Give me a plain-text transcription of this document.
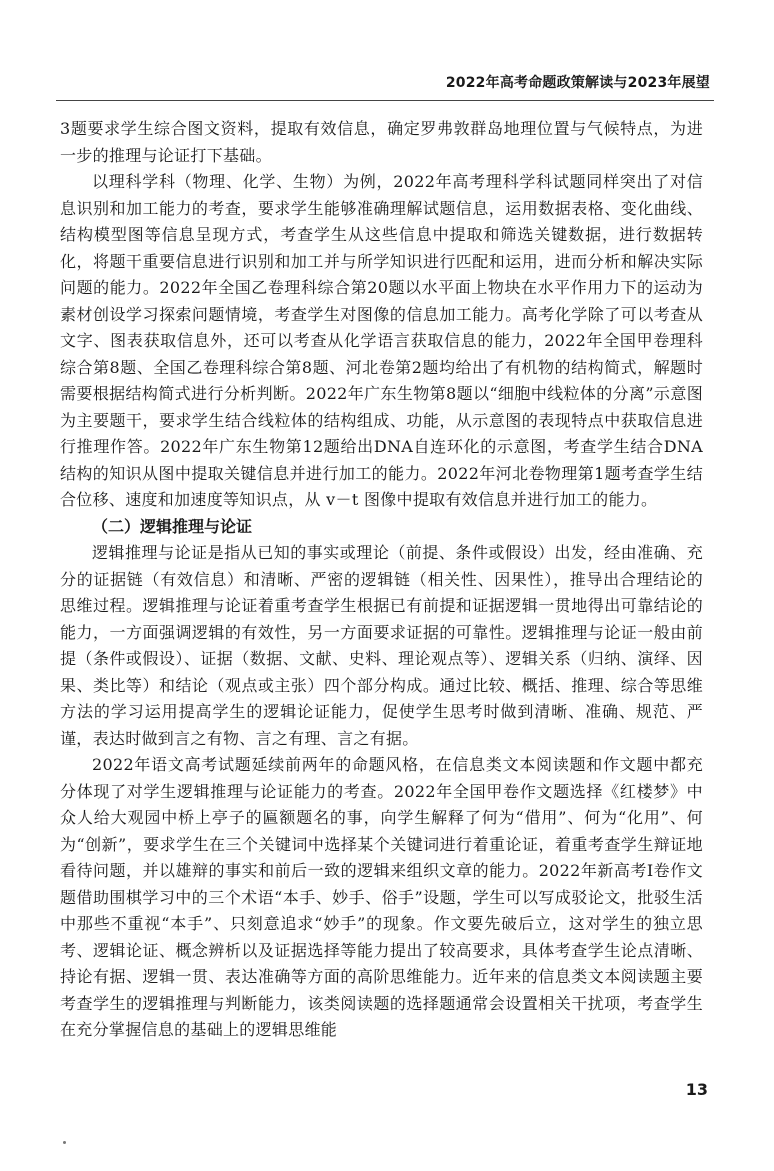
2022年高考命题政策解读与2023年展望

3题要求学生综合图文资料，提取有效信息，确定罗弗敦群岛地理位置与气候特点，为进一步的推理与论证打下基础。

以理科学科（物理、化学、生物）为例，2022年高考理科学科试题同样突出了对信息识别和加工能力的考查，要求学生能够准确理解试题信息，运用数据表格、变化曲线、结构模型图等信息呈现方式，考查学生从这些信息中提取和筛选关键数据，进行数据转化，将题干重要信息进行识别和加工并与所学知识进行匹配和运用，进而分析和解决实际问题的能力。2022年全国乙卷理科综合第20题以水平面上物块在水平作用力下的运动为素材创设学习探索问题情境，考查学生对图像的信息加工能力。高考化学除了可以考查从文字、图表获取信息外，还可以考查从化学语言获取信息的能力，2022年全国甲卷理科综合第8题、全国乙卷理科综合第8题、河北卷第2题均给出了有机物的结构简式，解题时需要根据结构简式进行分析判断。2022年广东生物第8题以“细胞中线粒体的分离”示意图为主要题干，要求学生结合线粒体的结构组成、功能，从示意图的表现特点中获取信息进行推理作答。2022年广东生物第12题给出DNA自连环化的示意图，考查学生结合DNA结构的知识从图中提取关键信息并进行加工的能力。2022年河北卷物理第1题考查学生结合位移、速度和加速度等知识点，从 v－t 图像中提取有效信息并进行加工的能力。

（二）逻辑推理与论证

逻辑推理与论证是指从已知的事实或理论（前提、条件或假设）出发，经由准确、充分的证据链（有效信息）和清晰、严密的逻辑链（相关性、因果性），推导出合理结论的思维过程。逻辑推理与论证着重考查学生根据已有前提和证据逻辑一贯地得出可靠结论的能力，一方面强调逻辑的有效性，另一方面要求证据的可靠性。逻辑推理与论证一般由前提（条件或假设）、证据（数据、文献、史料、理论观点等）、逻辑关系（归纳、演绎、因果、类比等）和结论（观点或主张）四个部分构成。通过比较、概括、推理、综合等思维方法的学习运用提高学生的逻辑论证能力，促使学生思考时做到清晰、准确、规范、严谨，表达时做到言之有物、言之有理、言之有据。

2022年语文高考试题延续前两年的命题风格，在信息类文本阅读题和作文题中都充分体现了对学生逻辑推理与论证能力的考查。2022年全国甲卷作文题选择《红楼梦》中众人给大观园中桥上亭子的匾额题名的事，向学生解释了何为“借用”、何为“化用”、何为“创新”，要求学生在三个关键词中选择某个关键词进行着重论证，着重考查学生辩证地看待问题，并以雄辩的事实和前后一致的逻辑来组织文章的能力。2022年新高考Ⅰ卷作文题借助围棋学习中的三个术语“本手、妙手、俗手”设题，学生可以写成驳论文，批驳生活中那些不重视“本手”、只刻意追求“妙手”的现象。作文要先破后立，这对学生的独立思考、逻辑论证、概念辨析以及证据选择等能力提出了较高要求，具体考查学生论点清晰、持论有据、逻辑一贯、表达准确等方面的高阶思维能力。近年来的信息类文本阅读题主要考查学生的逻辑推理与判断能力，该类阅读题的选择题通常会设置相关干扰项，考查学生在充分掌握信息的基础上的逻辑思维能

13
